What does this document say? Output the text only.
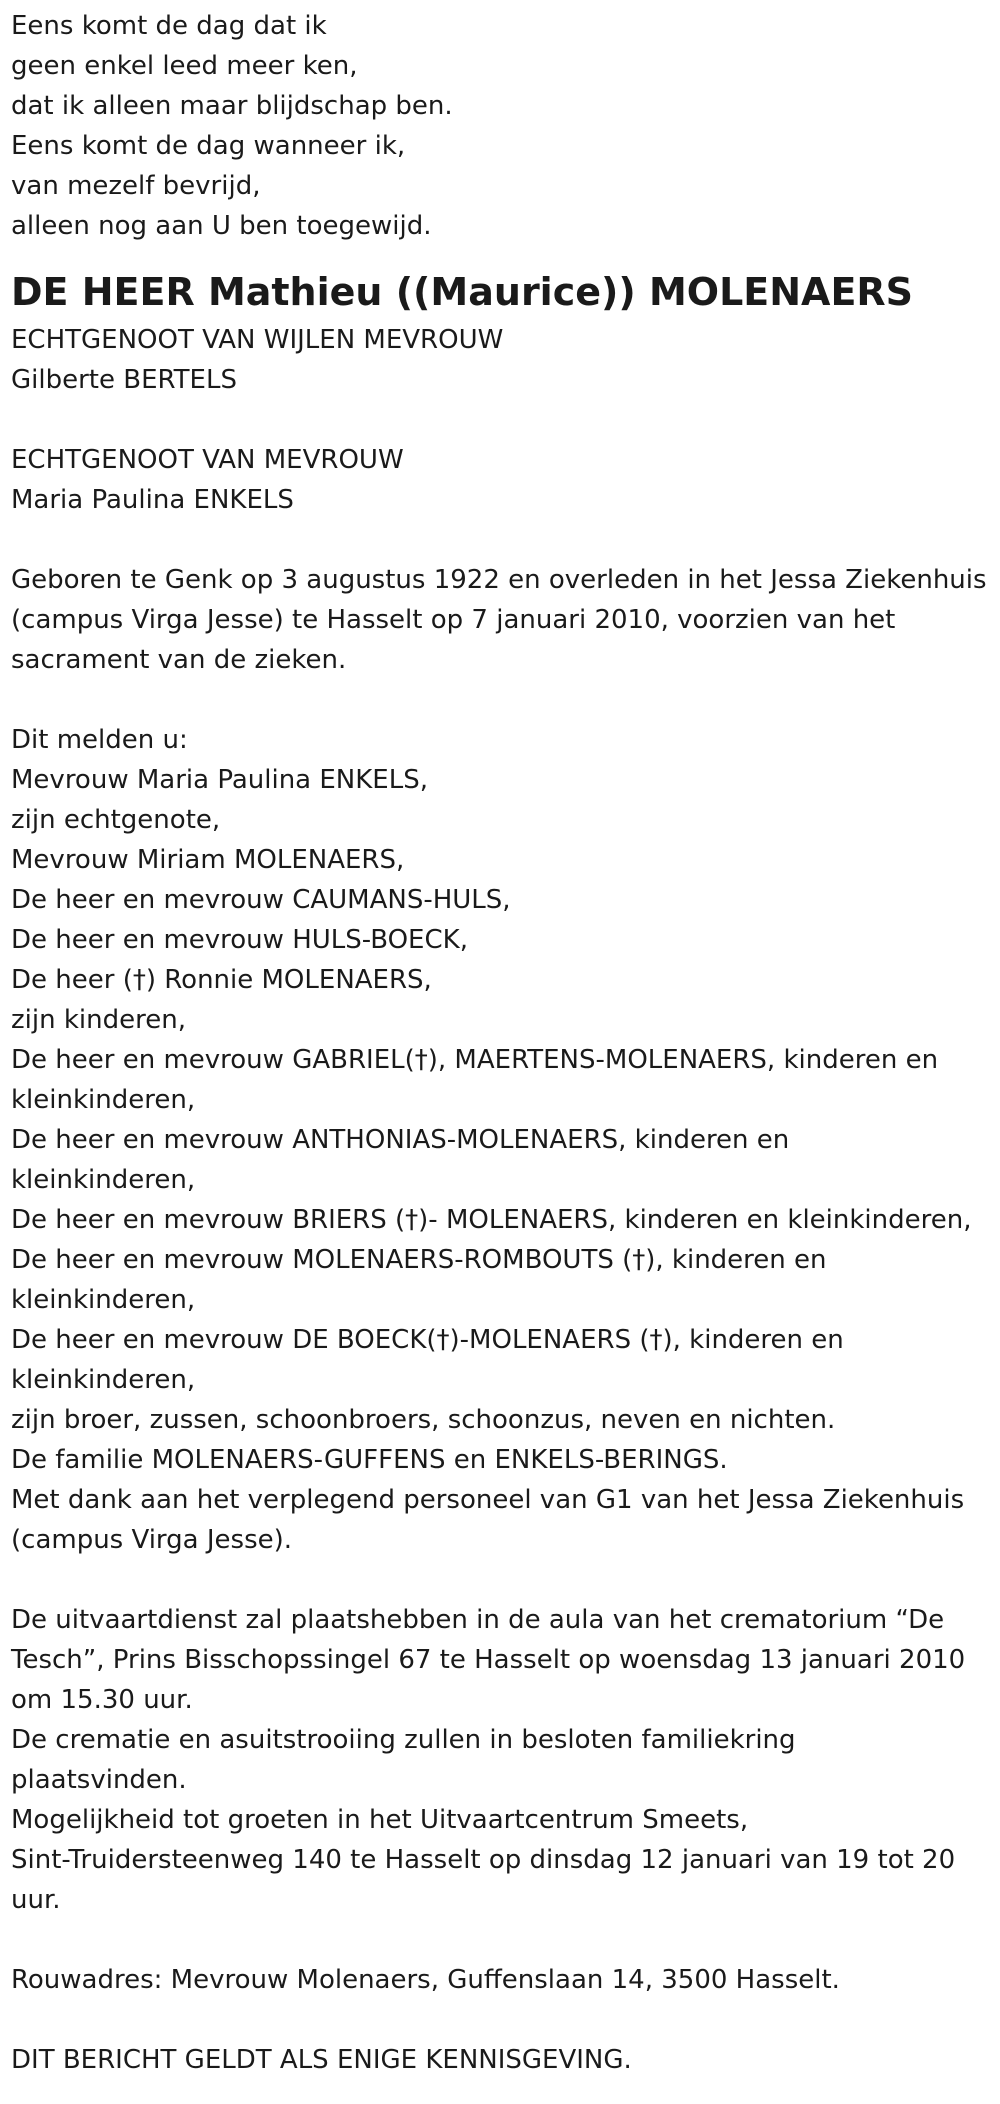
Eens komt de dag dat ik
geen enkel leed meer ken,
dat ik alleen maar blijdschap ben.
Eens komt de dag wanneer ik,
van mezelf bevrijd,
alleen nog aan U ben toegewijd.
DE HEER Mathieu ((Maurice)) MOLENAERS
ECHTGENOOT VAN WIJLEN MEVROUW
Gilberte BERTELS
ECHTGENOOT VAN MEVROUW
Maria Paulina ENKELS
Geboren te Genk op 3 augustus 1922 en overleden in het Jessa Ziekenhuis
(campus Virga Jesse) te Hasselt op 7 januari 2010, voorzien van het
sacrament van de zieken.
Dit melden u:
Mevrouw Maria Paulina ENKELS,
zijn echtgenote,
Mevrouw Miriam MOLENAERS,
De heer en mevrouw CAUMANS-HULS,
De heer en mevrouw HULS-BOECK,
De heer (†) Ronnie MOLENAERS,
zijn kinderen,
De heer en mevrouw GABRIEL(†), MAERTENS-MOLENAERS, kinderen en
kleinkinderen,
De heer en mevrouw ANTHONIAS-MOLENAERS, kinderen en
kleinkinderen,
De heer en mevrouw BRIERS (†)- MOLENAERS, kinderen en kleinkinderen,
De heer en mevrouw MOLENAERS-ROMBOUTS (†), kinderen en
kleinkinderen,
De heer en mevrouw DE BOECK(†)-MOLENAERS (†), kinderen en
kleinkinderen,
zijn broer, zussen, schoonbroers, schoonzus, neven en nichten.
De familie MOLENAERS-GUFFENS en ENKELS-BERINGS.
Met dank aan het verplegend personeel van G1 van het Jessa Ziekenhuis
(campus Virga Jesse).
De uitvaartdienst zal plaatshebben in de aula van het crematorium “De
Tesch”, Prins Bisschopssingel 67 te Hasselt op woensdag 13 januari 2010
om 15.30 uur.
De crematie en asuitstrooiing zullen in besloten familiekring
plaatsvinden.
Mogelijkheid tot groeten in het Uitvaartcentrum Smeets,
Sint-Truidersteenweg 140 te Hasselt op dinsdag 12 januari van 19 tot 20
uur.
Rouwadres: Mevrouw Molenaers, Guffenslaan 14, 3500 Hasselt.
DIT BERICHT GELDT ALS ENIGE KENNISGEVING.
